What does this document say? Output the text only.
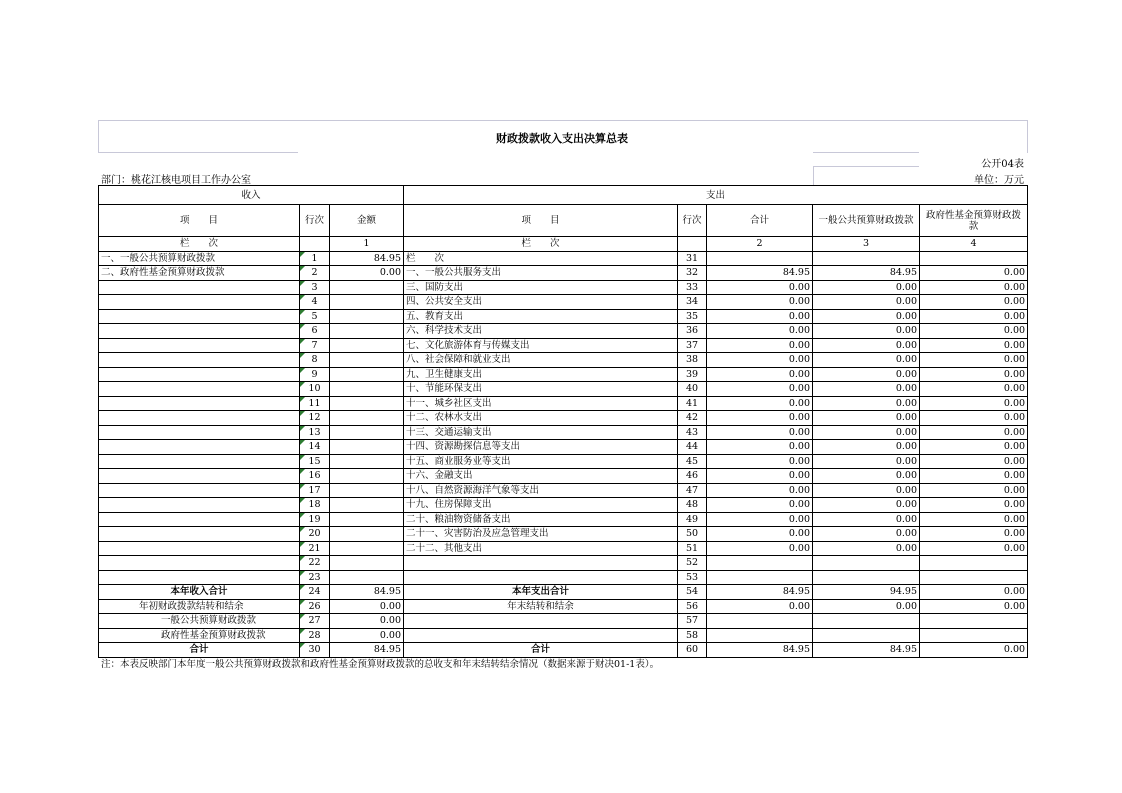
财政拨款收入支出决算总表
公开04表
部门：桃花江核电项目工作办公室	单位：万元
收入			支出				
项　　目	行次	金额	项　　目	行次	合计	一般公共预算财政拨款	政府性基金预算财政拨款
栏　　次		1	栏　　次		2	3	4
一、一般公共预算财政拨款	1	84.95	栏　　次	31			
二、政府性基金预算财政拨款	2	0.00	一、一般公共服务支出	32	84.95	84.95	0.00
	3		三、国防支出	33	0.00	0.00	0.00
	4		四、公共安全支出	34	0.00	0.00	0.00
	5		五、教育支出	35	0.00	0.00	0.00
	6		六、科学技术支出	36	0.00	0.00	0.00
	7		七、文化旅游体育与传媒支出	37	0.00	0.00	0.00
	8		八、社会保障和就业支出	38	0.00	0.00	0.00
	9		九、卫生健康支出	39	0.00	0.00	0.00
	10		十、节能环保支出	40	0.00	0.00	0.00
	11		十一、城乡社区支出	41	0.00	0.00	0.00
	12		十二、农林水支出	42	0.00	0.00	0.00
	13		十三、交通运输支出	43	0.00	0.00	0.00
	14		十四、资源勘探信息等支出	44	0.00	0.00	0.00
	15		十五、商业服务业等支出	45	0.00	0.00	0.00
	16		十六、金融支出	46	0.00	0.00	0.00
	17		十八、自然资源海洋气象等支出	47	0.00	0.00	0.00
	18		十九、住房保障支出	48	0.00	0.00	0.00
	19		二十、粮油物资储备支出	49	0.00	0.00	0.00
	20		二十一、灾害防治及应急管理支出	50	0.00	0.00	0.00
	21		二十二、其他支出	51	0.00	0.00	0.00
	22			52			
	23			53			
本年收入合计	24	84.95	本年支出合计	54	84.95	94.95	0.00
年初财政拨款结转和结余	26	0.00	年末结转和结余	56	0.00	0.00	0.00
一般公共预算财政拨款	27	0.00		57			
政府性基金预算财政拨款	28	0.00		58			
合计	30	84.95	合计	60	84.95	84.95	0.00
注：本表反映部门本年度一般公共预算财政拨款和政府性基金预算财政拨款的总收支和年末结转结余情况（数据来源于财决01-1表）。
